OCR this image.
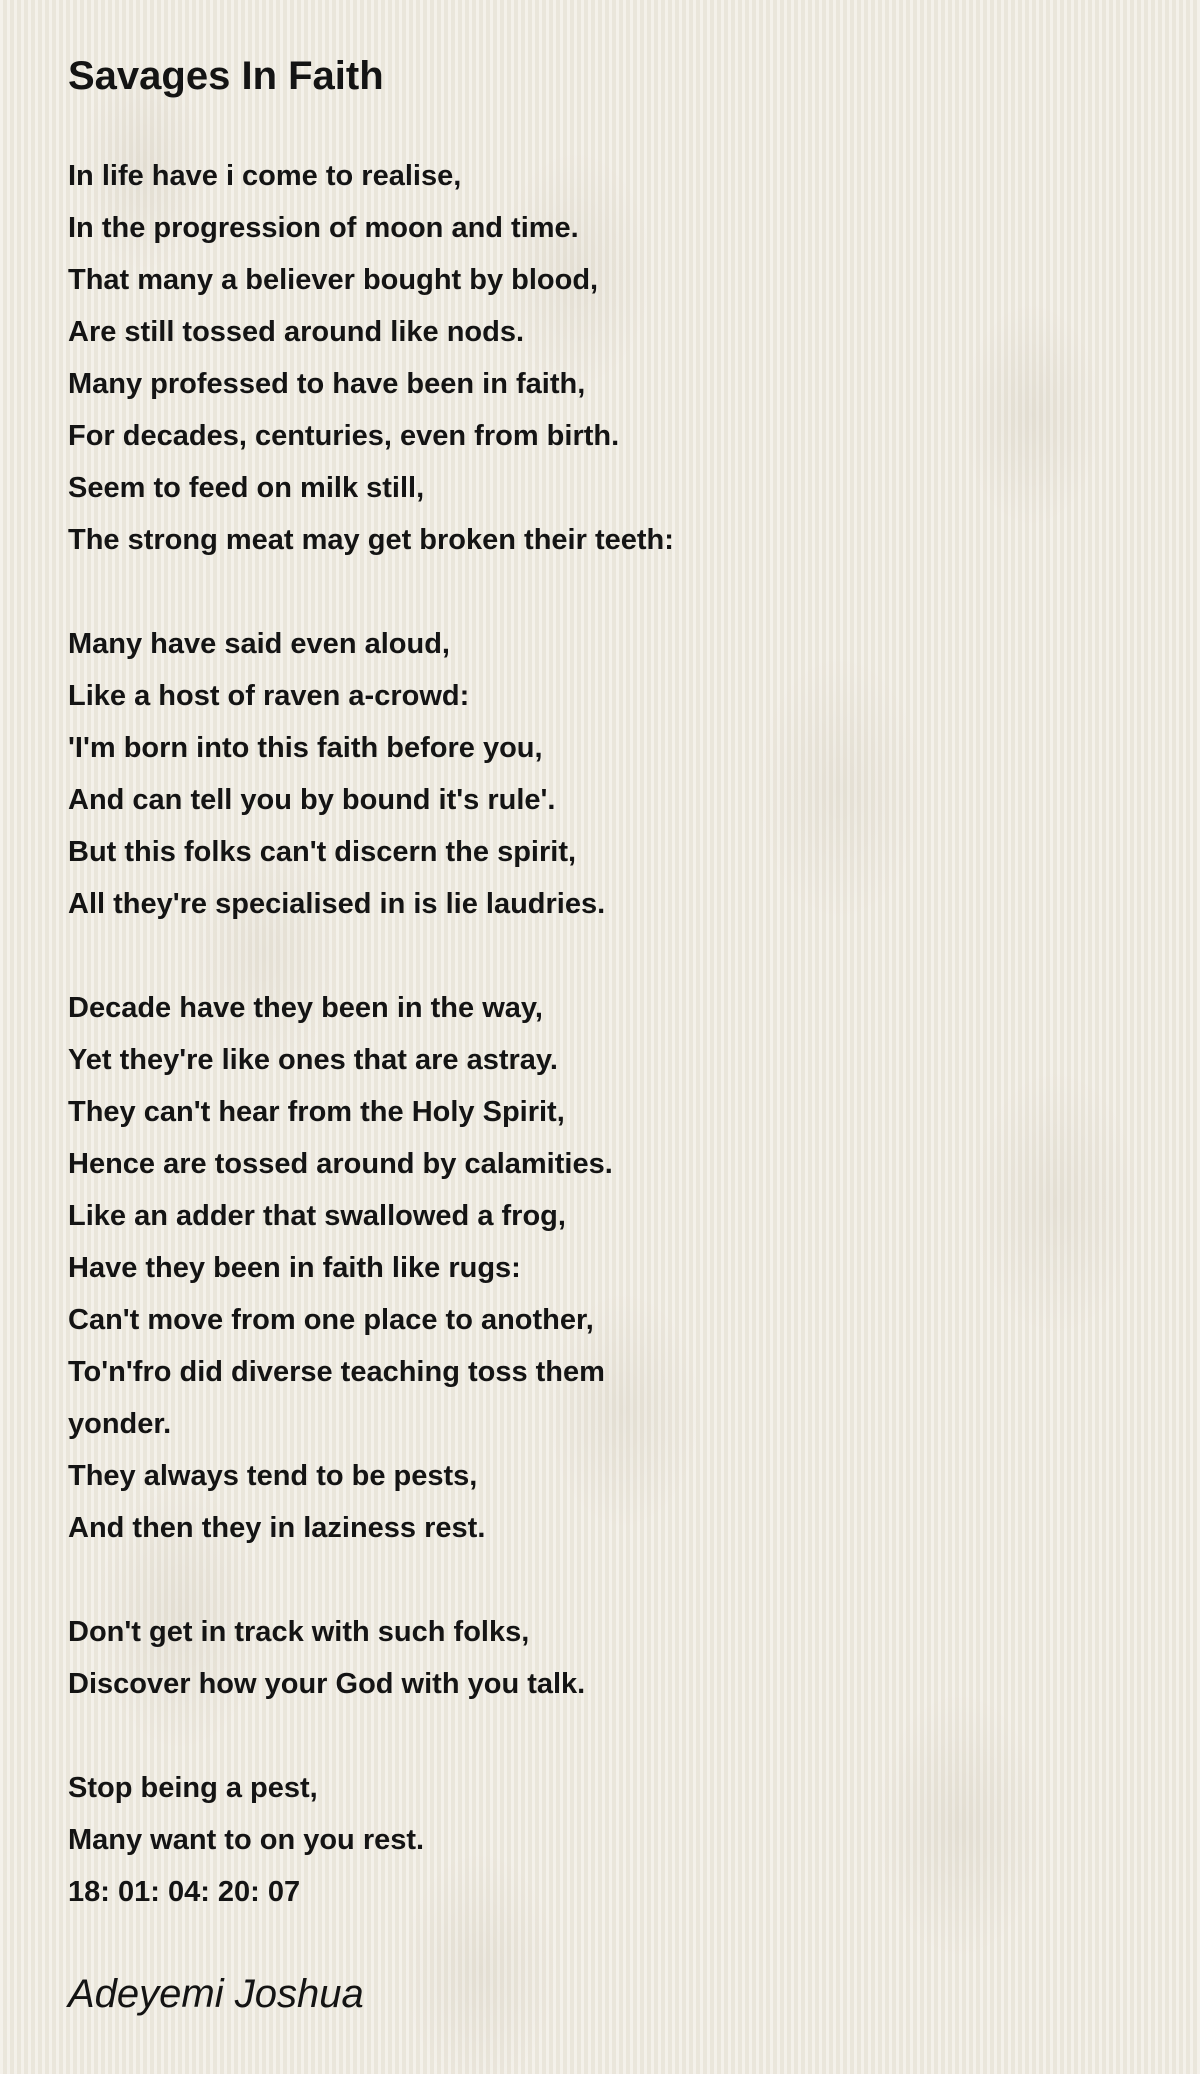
Savages In Faith
In life have i come to realise,
In the progression of moon and time.
That many a believer bought by blood,
Are still tossed around like nods.
Many professed to have been in faith,
For decades, centuries, even from birth.
Seem to feed on milk still,
The strong meat may get broken their teeth:
Many have said even aloud,
Like a host of raven a-crowd:
'I'm born into this faith before you,
And can tell you by bound it's rule'.
But this folks can't discern the spirit,
All they're specialised in is lie laudries.
Decade have they been in the way,
Yet they're like ones that are astray.
They can't hear from the Holy Spirit,
Hence are tossed around by calamities.
Like an adder that swallowed a frog,
Have they been in faith like rugs:
Can't move from one place to another,
To'n'fro did diverse teaching toss them
yonder.
They always tend to be pests,
And then they in laziness rest.
Don't get in track with such folks,
Discover how your God with you talk.
Stop being a pest,
Many want to on you rest.
18: 01: 04: 20: 07
Adeyemi Joshua
